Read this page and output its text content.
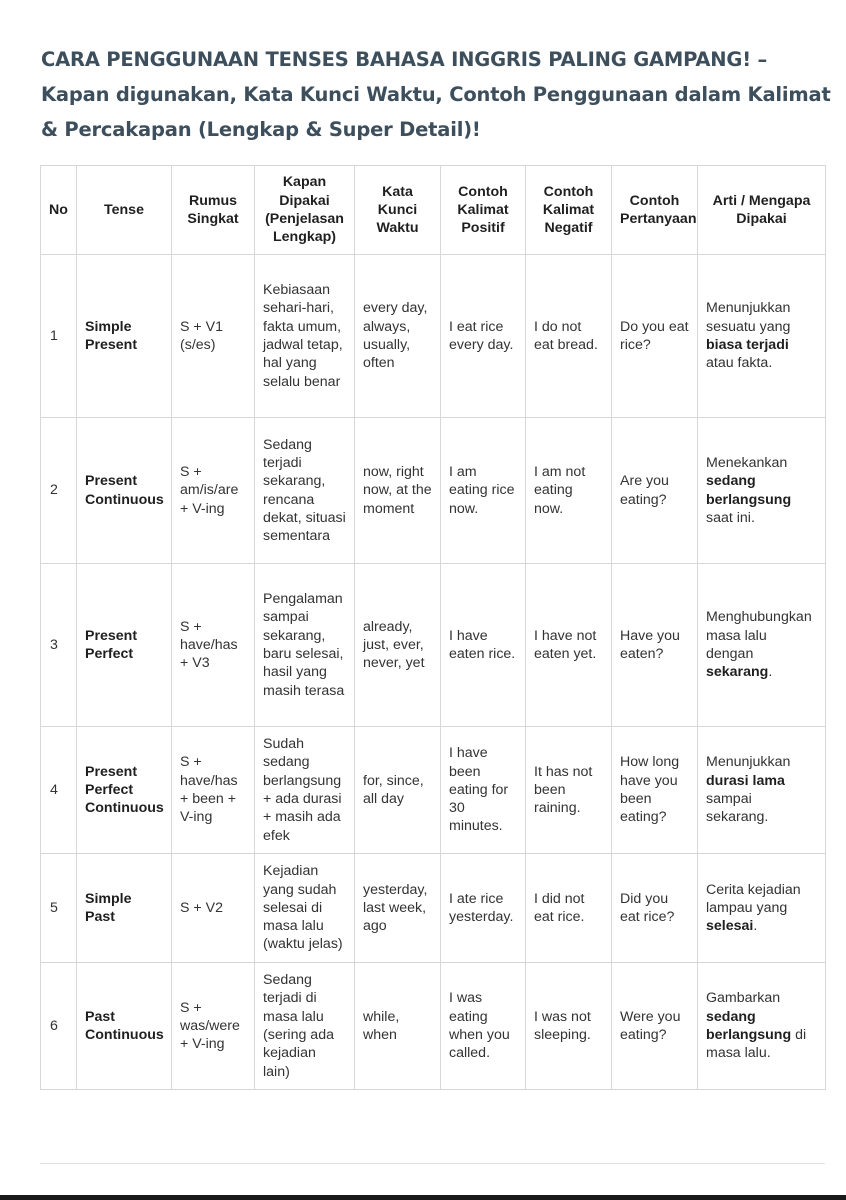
CARA PENGGUNAAN TENSES BAHASA INGGRIS PALING GAMPANG! – Kapan digunakan, Kata Kunci Waktu, Contoh Penggunaan dalam Kalimat & Percakapan (Lengkap & Super Detail)!
No	Tense	Rumus Singkat	Kapan Dipakai (Penjelasan Lengkap)	Kata Kunci Waktu	Contoh Kalimat Positif	Contoh Kalimat Negatif	Contoh Pertanyaan	Arti / Mengapa Dipakai
1	Simple Present	S + V1 (s/es)	Kebiasaan sehari-hari, fakta umum, jadwal tetap, hal yang selalu benar	every day, always, usually, often	I eat rice every day.	I do not eat bread.	Do you eat rice?	Menunjukkan sesuatu yang biasa terjadi atau fakta.
2	Present Continuous	S + am/is/are + V-ing	Sedang terjadi sekarang, rencana dekat, situasi sementara	now, right now, at the moment	I am eating rice now.	I am not eating now.	Are you eating?	Menekankan sedang berlangsung saat ini.
3	Present Perfect	S + have/has + V3	Pengalaman sampai sekarang, baru selesai, hasil yang masih terasa	already, just, ever, never, yet	I have eaten rice.	I have not eaten yet.	Have you eaten?	Menghubungkan masa lalu dengan sekarang.
4	Present Perfect Continuous	S + have/has + been + V-ing	Sudah sedang berlangsung + ada durasi + masih ada efek	for, since, all day	I have been eating for 30 minutes.	It has not been raining.	How long have you been eating?	Menunjukkan durasi lama sampai sekarang.
5	Simple Past	S + V2	Kejadian yang sudah selesai di masa lalu (waktu jelas)	yesterday, last week, ago	I ate rice yesterday.	I did not eat rice.	Did you eat rice?	Cerita kejadian lampau yang selesai.
6	Past Continuous	S + was/were + V-ing	Sedang terjadi di masa lalu (sering ada kejadian lain)	while, when	I was eating when you called.	I was not sleeping.	Were you eating?	Gambarkan sedang berlangsung di masa lalu.
